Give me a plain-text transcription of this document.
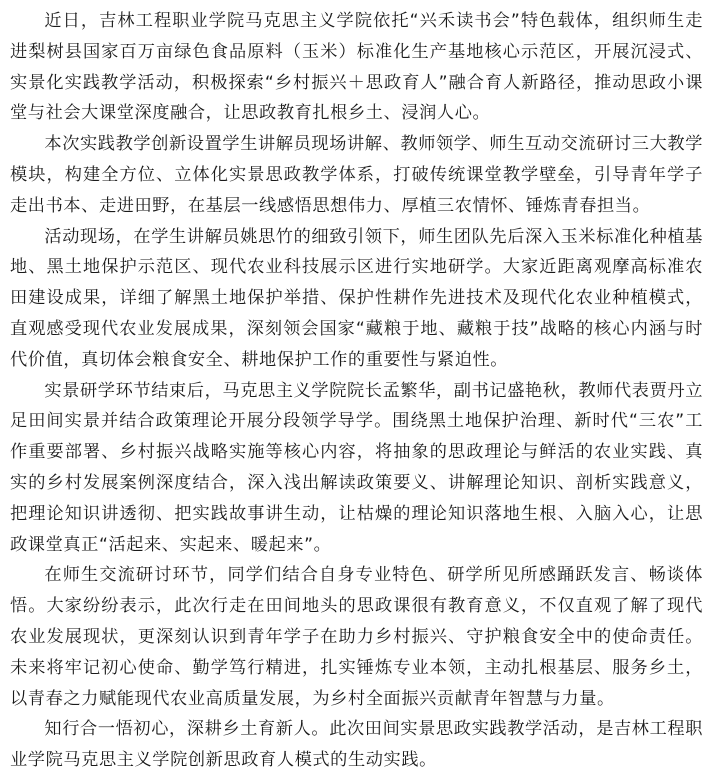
近日，吉林工程职业学院马克思主义学院依托“兴禾读书会”特色载体，组织师生走进梨树县国家百万亩绿色食品原料（玉米）标准化生产基地核心示范区，开展沉浸式、实景化实践教学活动，积极探索“乡村振兴＋思政育人”融合育人新路径，推动思政小课堂与社会大课堂深度融合，让思政教育扎根乡土、浸润人心。

本次实践教学创新设置学生讲解员现场讲解、教师领学、师生互动交流研讨三大教学模块，构建全方位、立体化实景思政教学体系，打破传统课堂教学壁垒，引导青年学子走出书本、走进田野，在基层一线感悟思想伟力、厚植三农情怀、锤炼青春担当。

活动现场，在学生讲解员姚思竹的细致引领下，师生团队先后深入玉米标准化种植基地、黑土地保护示范区、现代农业科技展示区进行实地研学。大家近距离观摩高标准农田建设成果，详细了解黑土地保护举措、保护性耕作先进技术及现代化农业种植模式，直观感受现代农业发展成果，深刻领会国家“藏粮于地、藏粮于技”战略的核心内涵与时代价值，真切体会粮食安全、耕地保护工作的重要性与紧迫性。

实景研学环节结束后，马克思主义学院院长孟繁华，副书记盛艳秋，教师代表贾丹立足田间实景并结合政策理论开展分段领学导学。围绕黑土地保护治理、新时代“三农”工作重要部署、乡村振兴战略实施等核心内容，将抽象的思政理论与鲜活的农业实践、真实的乡村发展案例深度结合，深入浅出解读政策要义、讲解理论知识、剖析实践意义，把理论知识讲透彻、把实践故事讲生动，让枯燥的理论知识落地生根、入脑入心，让思政课堂真正“活起来、实起来、暖起来”。

在师生交流研讨环节，同学们结合自身专业特色、研学所见所感踊跃发言、畅谈体悟。大家纷纷表示，此次行走在田间地头的思政课很有教育意义，不仅直观了解了现代农业发展现状，更深刻认识到青年学子在助力乡村振兴、守护粮食安全中的使命责任。未来将牢记初心使命、勤学笃行精进，扎实锤炼专业本领，主动扎根基层、服务乡土，以青春之力赋能现代农业高质量发展，为乡村全面振兴贡献青年智慧与力量。

知行合一悟初心，深耕乡土育新人。此次田间实景思政实践教学活动，是吉林工程职业学院马克思主义学院创新思政育人模式的生动实践。
